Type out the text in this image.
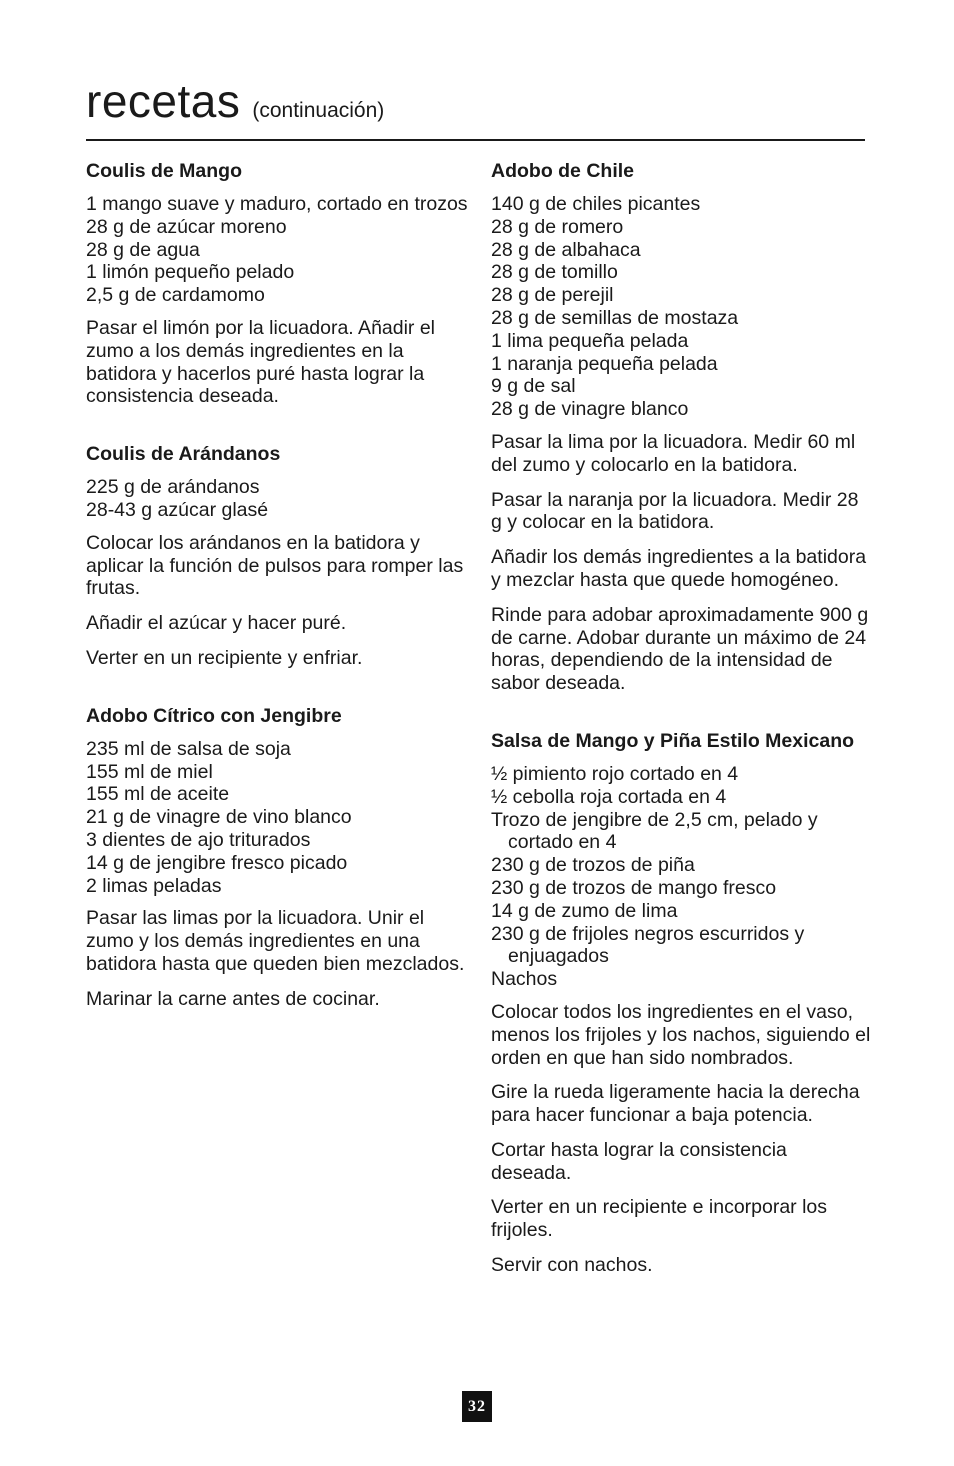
recetas (continuación)
Coulis de Mango
1 mango suave y maduro, cortado en trozos
28 g de azúcar moreno
28 g de agua
1 limón pequeño pelado
2,5 g de cardamomo

Pasar el limón por la licuadora. Añadir el zumo a los demás ingredientes en la batidora y hacerlos puré hasta lograr la consistencia deseada.

Coulis de Arándanos
225 g de arándanos
28-43 g azúcar glasé

Colocar los arándanos en la batidora y aplicar la función de pulsos para romper las frutas.

Añadir el azúcar y hacer puré.

Verter en un recipiente y enfriar.

Adobo Cítrico con Jengibre
235 ml de salsa de soja
155 ml de miel
155 ml de aceite
21 g de vinagre de vino blanco
3 dientes de ajo triturados
14 g de jengibre fresco picado
2 limas peladas

Pasar las limas por la licuadora. Unir el zumo y los demás ingredientes en una batidora hasta que queden bien mezclados.

Marinar la carne antes de cocinar.

Adobo de Chile
140 g de chiles picantes
28 g de romero
28 g de albahaca
28 g de tomillo
28 g de perejil
28 g de semillas de mostaza
1 lima pequeña pelada
1 naranja pequeña pelada
9 g de sal
28 g de vinagre blanco

Pasar la lima por la licuadora. Medir 60 ml del zumo y colocarlo en la batidora.

Pasar la naranja por la licuadora. Medir 28 g y colocar en la batidora.

Añadir los demás ingredientes a la batidora y mezclar hasta que quede homogéneo.

Rinde para adobar aproximadamente 900 g de carne. Adobar durante un máximo de 24 horas, dependiendo de la intensidad de sabor deseada.

Salsa de Mango y Piña Estilo Mexicano
½ pimiento rojo cortado en 4
½ cebolla roja cortada en 4
Trozo de jengibre de 2,5 cm, pelado y cortado en 4
230 g de trozos de piña
230 g de trozos de mango fresco
14 g de zumo de lima
230 g de frijoles negros escurridos y enjuagados
Nachos

Colocar todos los ingredientes en el vaso, menos los frijoles y los nachos, siguiendo el orden en que han sido nombrados.

Gire la rueda ligeramente hacia la derecha para hacer funcionar a baja potencia.

Cortar hasta lograr la consistencia deseada.

Verter en un recipiente e incorporar los frijoles.

Servir con nachos.

32
